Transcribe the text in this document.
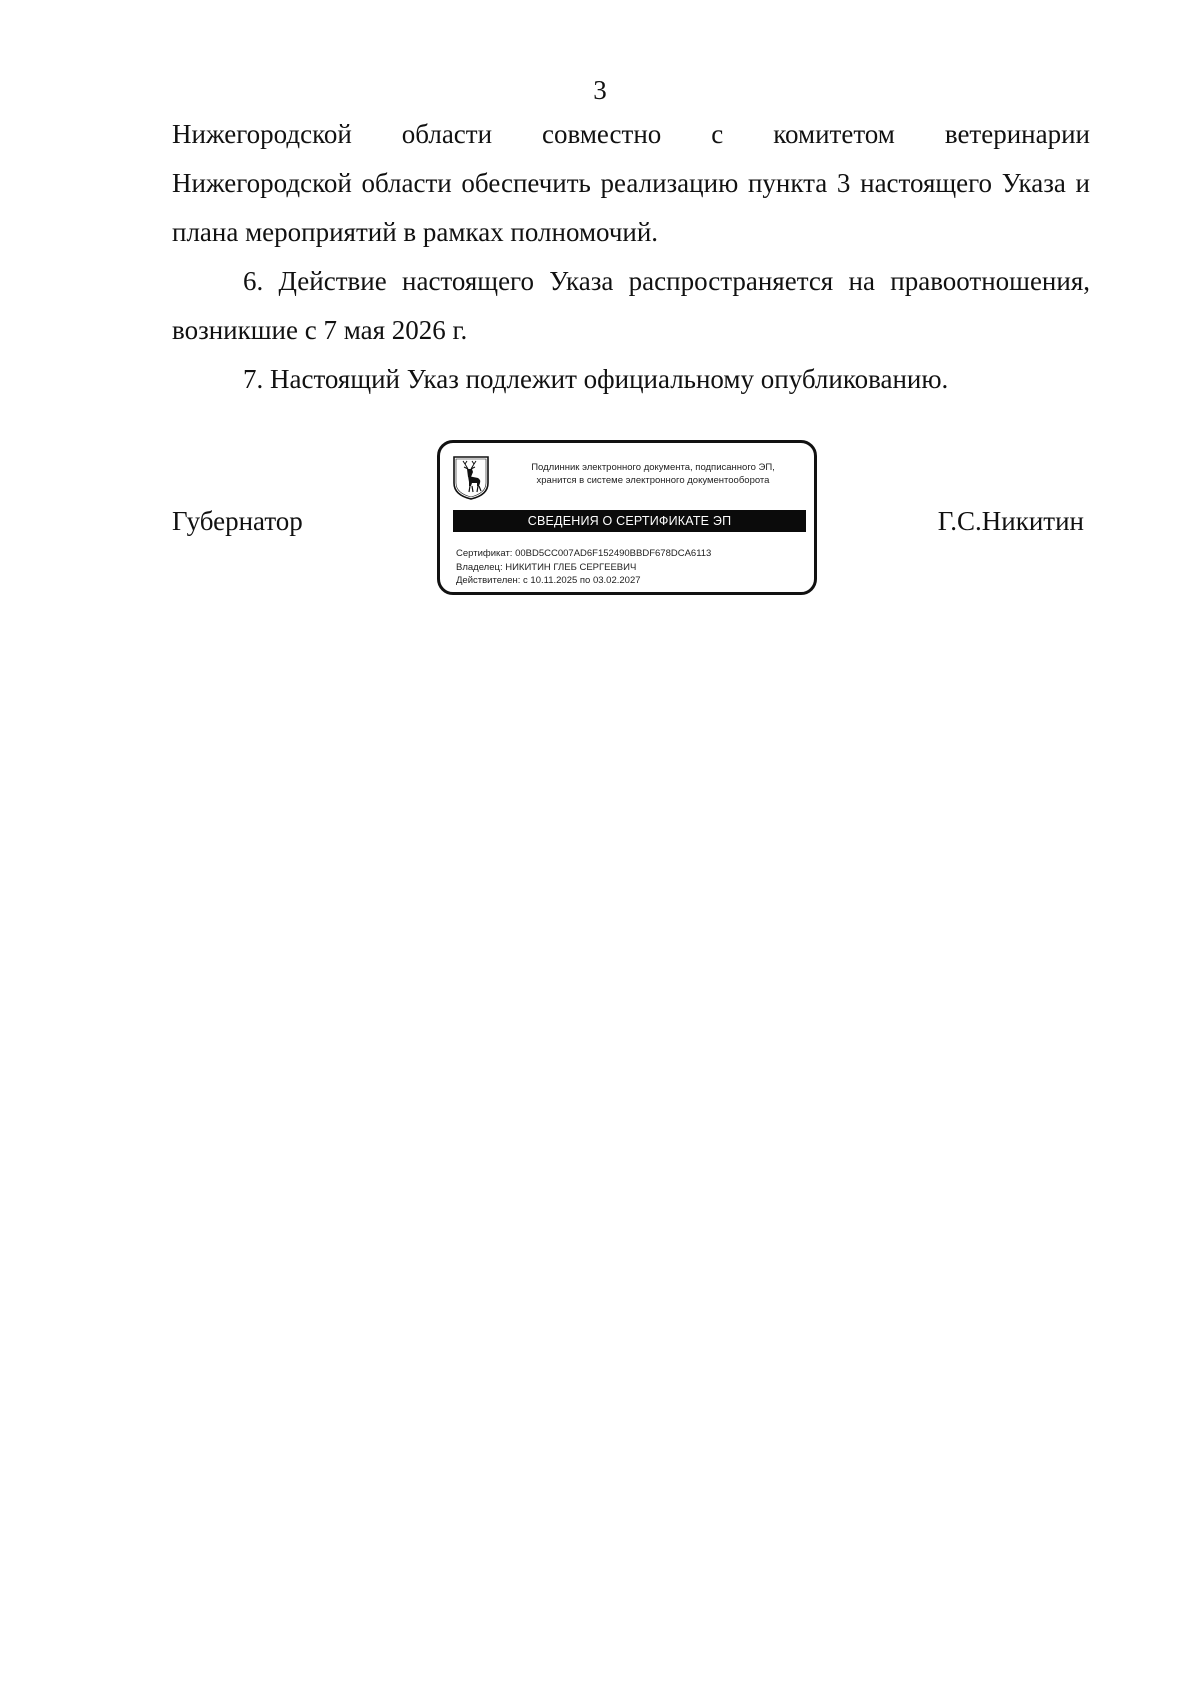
3

Нижегородской области совместно с комитетом ветеринарии
Нижегородской области обеспечить реализацию пункта 3 настоящего Указа и плана мероприятий в рамках полномочий.

6. Действие настоящего Указа распространяется на правоотношения, возникшие с 7 мая 2026 г.

7. Настоящий Указ подлежит официальному опубликованию.

Губернатор
Подлинник электронного документа, подписанного ЭП,
хранится в системе электронного документооборота
СВЕДЕНИЯ О СЕРТИФИКАТЕ ЭП
Сертификат: 00BD5CC007AD6F152490BBDF678DCA6113
Владелец: НИКИТИН ГЛЕБ СЕРГЕЕВИЧ
Действителен: с 10.11.2025 по 03.02.2027
Г.С.Никитин
